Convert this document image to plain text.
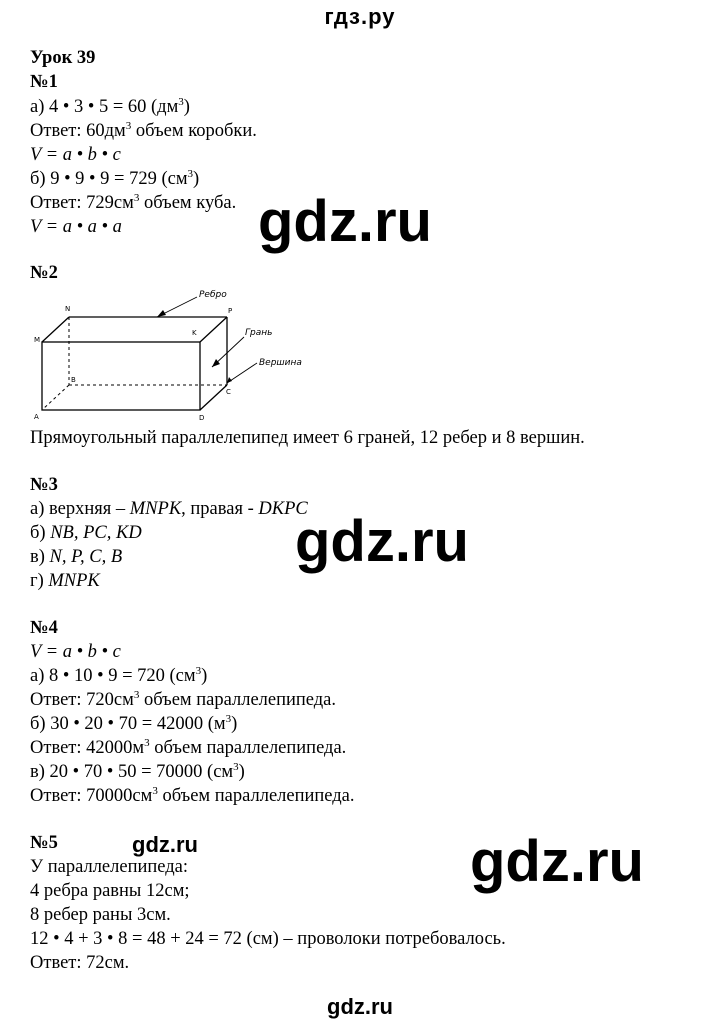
гдз.ру
Урок 39
№1
а) 4 • 3 • 5 = 60 $(дм^3)$
Ответ: $60дм^3$ объем коробки.
V = a • b • c
б) 9 • 9 • 9 = 729 $(см^3)$
Ответ: $729см^3$ объем куба.
V = a • a • a gdz.ru
№2
Ребро
Грань
Вершина
N	P
M
K
B
C
A	D
Прямоугольный параллелепипед имеет 6 граней, 12 ребер и 8 вершин.
№3
а) верхняя – MNPK, правая - DKPC
б) NB, PC, KD
в) N, P, C, B
г) MNPK
gdz.ru
№4
V = a • b • c
а) 8 • 10 • 9 = 720 $(см^3)$
Ответ: $720см^3$ объем параллелепипеда.
б) 30 • 20 • 70 = 42000 $(м^3)$
Ответ: $42000м^3$ объем параллелепипеда.
в) 20 • 70 • 50 = 70000 $(см^3)$
Ответ: $70000см^3$ объем параллелепипеда.
№5	gdz.ru
У параллелепипеда:
4 ребра равны 12см;
8 ребер раны 3см.
12 • 4 + 3 • 8 = 48 + 24 = 72 (см) – проволоки потребовалось.
Ответ: 72см.
gdz.ru
gdz.ru
